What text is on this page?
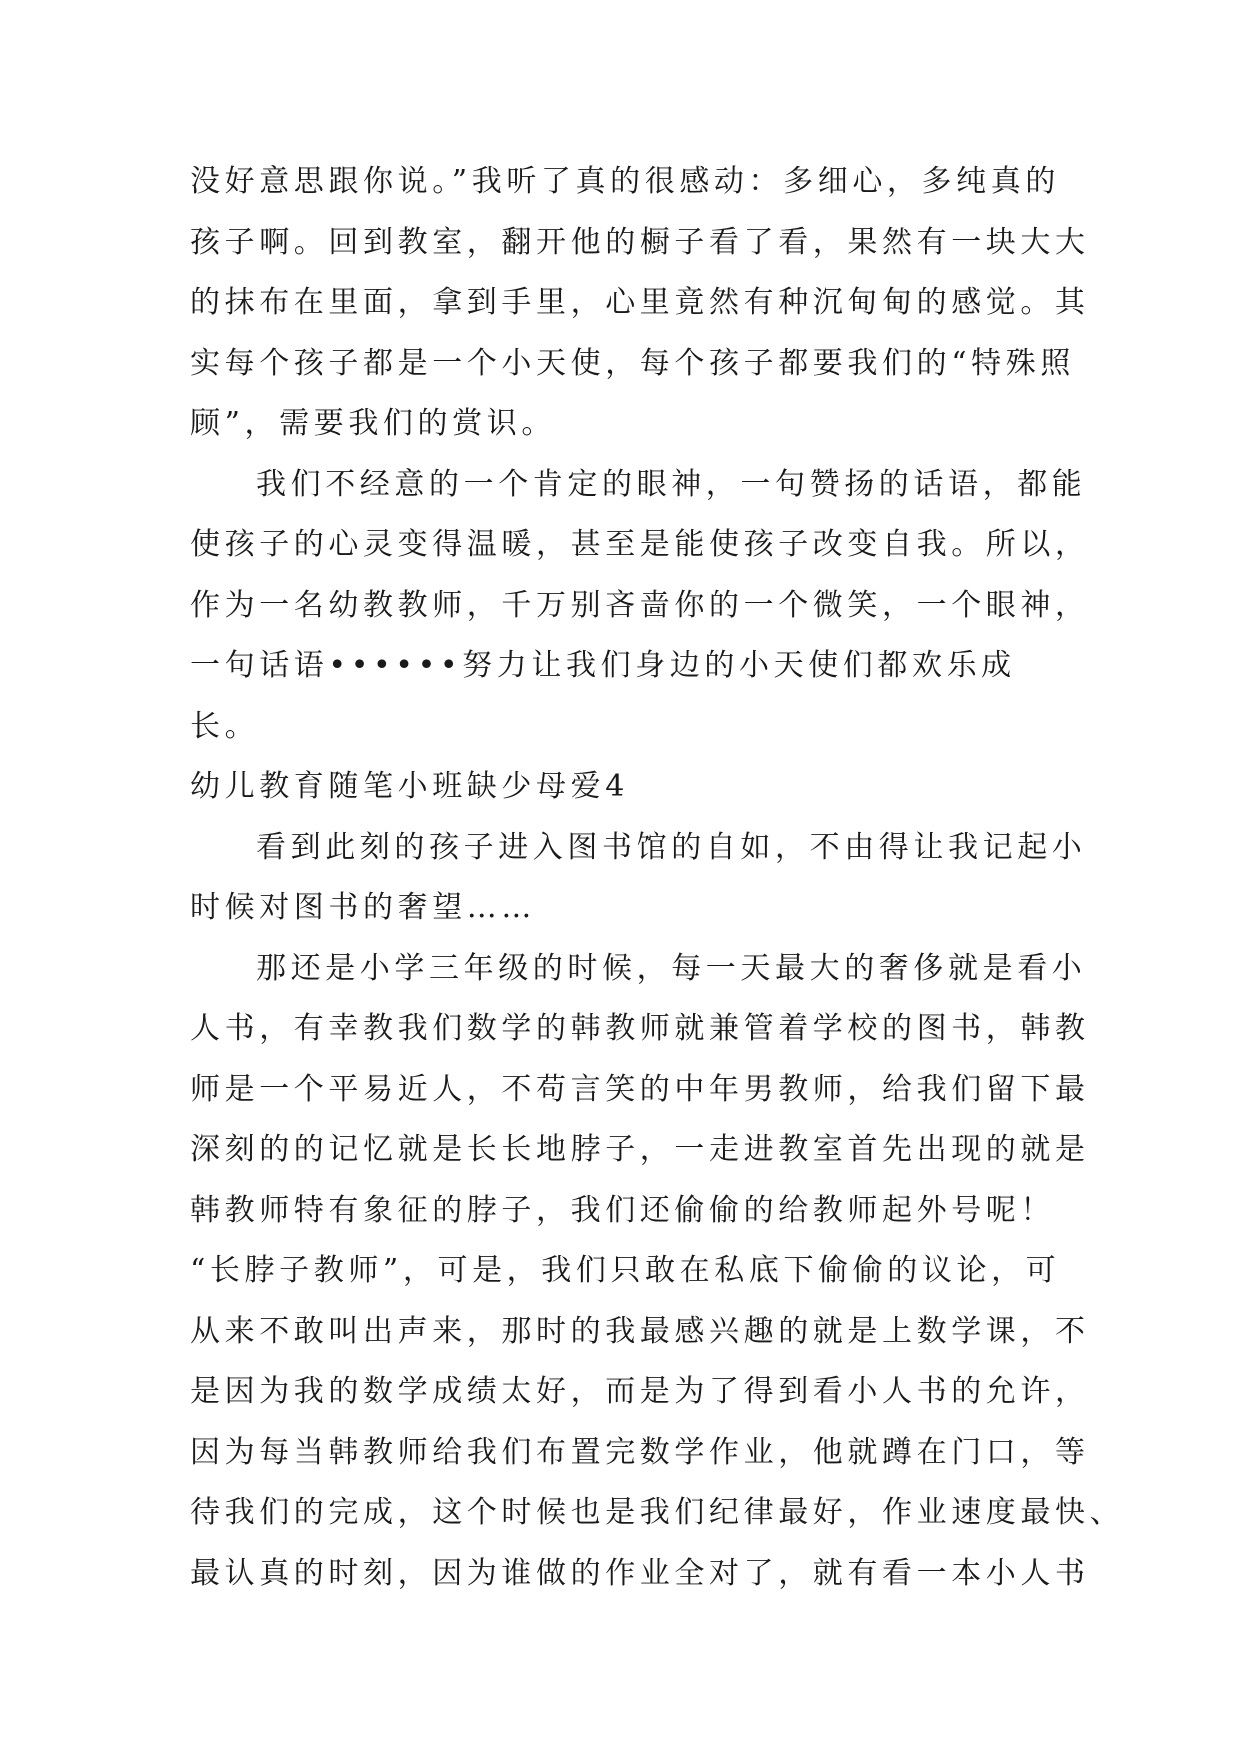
没好意思跟你说。”我听了真的很感动：多细心，多纯真的
孩子啊。回到教室，翻开他的橱子看了看，果然有一块大大
的抹布在里面，拿到手里，心里竟然有种沉甸甸的感觉。其
实每个孩子都是一个小天使，每个孩子都要我们的“特殊照
顾”，需要我们的赏识。
我们不经意的一个肯定的眼神，一句赞扬的话语，都能
使孩子的心灵变得温暖，甚至是能使孩子改变自我。所以，
作为一名幼教教师，千万别吝啬你的一个微笑，一个眼神，
一句话语••••••努力让我们身边的小天使们都欢乐成
长。
幼儿教育随笔小班缺少母爱4
看到此刻的孩子进入图书馆的自如，不由得让我记起小
时候对图书的奢望……
那还是小学三年级的时候，每一天最大的奢侈就是看小
人书，有幸教我们数学的韩教师就兼管着学校的图书，韩教
师是一个平易近人，不苟言笑的中年男教师，给我们留下最
深刻的的记忆就是长长地脖子，一走进教室首先出现的就是
韩教师特有象征的脖子，我们还偷偷的给教师起外号呢！
“长脖子教师”，可是，我们只敢在私底下偷偷的议论，可
从来不敢叫出声来，那时的我最感兴趣的就是上数学课，不
是因为我的数学成绩太好，而是为了得到看小人书的允许，
因为每当韩教师给我们布置完数学作业，他就蹲在门口，等
待我们的完成，这个时候也是我们纪律最好，作业速度最快、
最认真的时刻，因为谁做的作业全对了，就有看一本小人书
